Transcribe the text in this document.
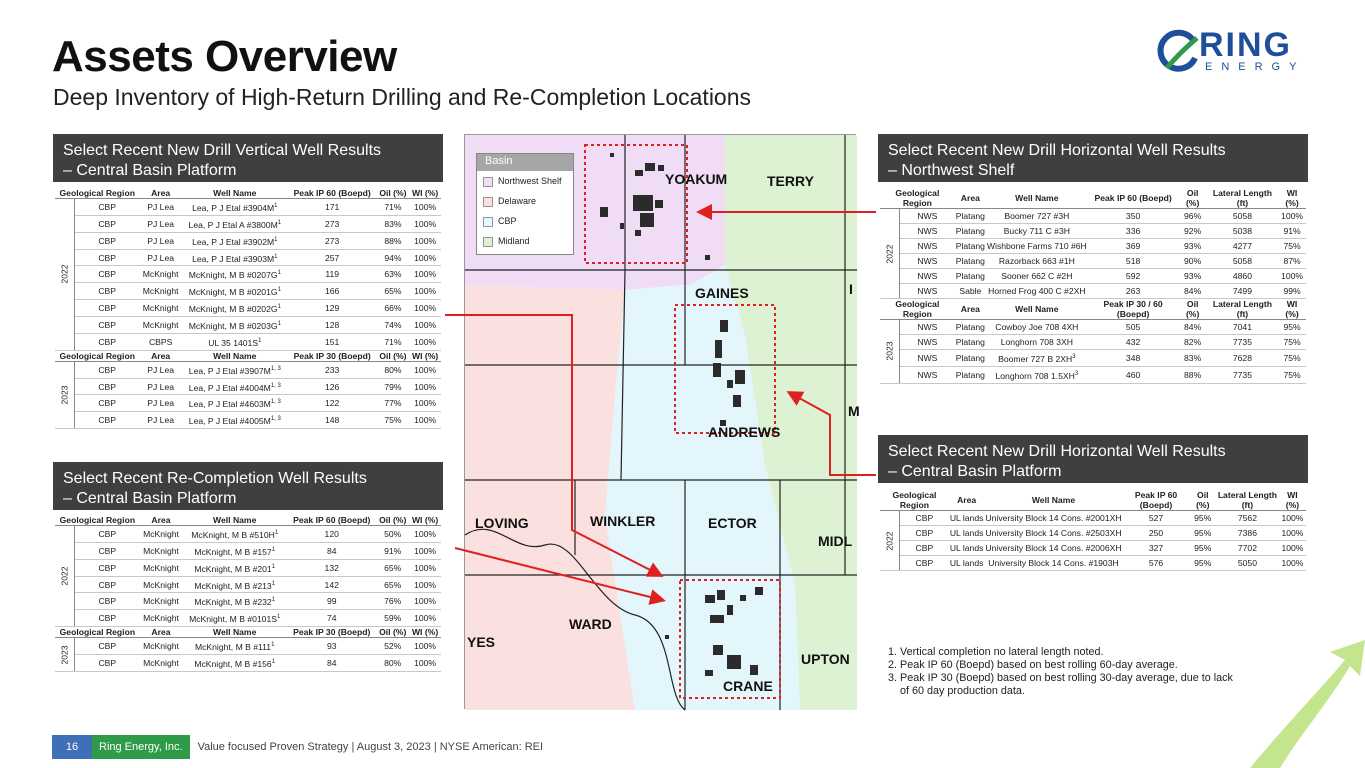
Assets Overview
Deep Inventory of High-Return Drilling and Re-Completion Locations
RING
ENERGY
Select Recent New Drill Vertical Well Results
– Central Basin Platform
Geological Region		Area	Well Name	Peak IP 60 (Boepd)	Oil (%)	WI (%)
2022	CBP	PJ Lea	Lea, P J Etal $\#3904M^1$	171	71%	100%
	CBP	PJ Lea	Lea, P J Etal A $\#3800M^1$	273	83%	100%
	CBP	PJ Lea	Lea, P J Etal $\#3902M^1$	273	88%	100%
	CBP	PJ Lea	Lea, P J Etal $\#3903M^1$	257	94%	100%
	CBP	McKnight	McKnight, M B $\#0207G^1$	119	63%	100%
	CBP	McKnight	McKnight, M B $\#0201G^1$	166	65%	100%
	CBP	McKnight	McKnight, M B $\#0202G^1$	129	66%	100%
	CBP	McKnight	McKnight, M B $\#0203G^1$	128	74%	100%
	CBP	CBPS	UL 35 $1401S^1$	151	71%	100%
Geological Region		Area	Well Name	Peak IP 30 (Boepd)	Oil (%)	WI (%)
2023	CBP	PJ Lea	Lea, P J Etal $\#3907M^{1, 3}$	233	80%	100%
	CBP	PJ Lea	Lea, P J Etal $\#4004M^{1, 3}$	126	79%	100%
	CBP	PJ Lea	Lea, P J Etal $\#4603M^{1, 3}$	122	77%	100%
	CBP	PJ Lea	Lea, P J Etal $\#4005M^{1, 3}$	148	75%	100%
Select Recent Re-Completion Well Results
– Central Basin Platform
Geological Region		Area	Well Name	Peak IP 60 (Boepd)	Oil (%)	WI (%)
2022	CBP	McKnight	McKnight, M B $\#510H^1$	120	50%	100%
	CBP	McKnight	McKnight, M B $\#157^1$	84	91%	100%
	CBP	McKnight	McKnight, M B $\#201^1$	132	65%	100%
	CBP	McKnight	McKnight, M B $\#213^1$	142	65%	100%
	CBP	McKnight	McKnight, M B $\#232^1$	99	76%	100%
	CBP	McKnight	McKnight, M B $\#0101S^1$	74	59%	100%
Geological Region		Area	Well Name	Peak IP 30 (Boepd)	Oil (%)	WI (%)
2023	CBP	McKnight	McKnight, M B $\#111^1$	93	52%	100%
	CBP	McKnight	McKnight, M B $\#156^1$	84	80%	100%
Select Recent New Drill Horizontal Well Results
– Northwest Shelf
Geological Region		Area	Well Name	Peak IP 60 (Boepd)	Oil (%)	Lateral Length (ft)	WI (%)
2022	NWS	Platang	Boomer 727 #3H	350	96%	5058	100%
	NWS	Platang	Bucky 711 C #3H	336	92%	5038	91%
	NWS	Platang	Wishbone Farms 710 #6H	369	93%	4277	75%
	NWS	Platang	Razorback 663 #1H	518	90%	5058	87%
	NWS	Platang	Sooner 662 C #2H	592	93%	4860	100%
	NWS	Sable	Horned Frog 400 C #2XH	263	84%	7499	99%
Geological Region		Area	Well Name	Peak IP 30 / 60 (Boepd)	Oil (%)	Lateral Length (ft)	WI (%)
2023	NWS	Platang	Cowboy Joe 708 4XH	505	84%	7041	95%
	NWS	Platang	Longhorn 708 3XH	432	82%	7735	75%
	NWS	Platang	Boomer 727 B $2XH^3$	348	83%	7628	75%
	NWS	Platang	Longhorn 708 $1.5XH^3$	460	88%	7735	75%
Select Recent New Drill Horizontal Well Results
– Central Basin Platform
Geological Region		Area	Well Name	Peak IP 60 (Boepd)	Oil (%)	Lateral Length (ft)	WI (%)
2022	CBP	UL lands	University Block 14 Cons. #2001XH	527	95%	7562	100%
	CBP	UL lands	University Block 14 Cons. #2503XH	250	95%	7386	100%
	CBP	UL lands	University Block 14 Cons. #2006XH	327	95%	7702	100%
	CBP	UL lands	University Block 14 Cons. #1903H	576	95%	5050	100%
Basin
Northwest Shelf
Delaware
CBP
Midland
YOAKUM	TERRY
GAINES
ANDREWS
M
LOVING	WINKLER	ECTOR
MIDL
WARD
UPTON
CRANE
YES
I
1. Vertical completion no lateral length noted.
2. Peak IP 60 (Boepd) based on best rolling 60-day average.
3. Peak IP 30 (Boepd) based on best rolling 30-day average, due to lack of 60 day production data.
16	Ring Energy, Inc.	Value focused Proven Strategy | August 3, 2023 | NYSE American: REI
